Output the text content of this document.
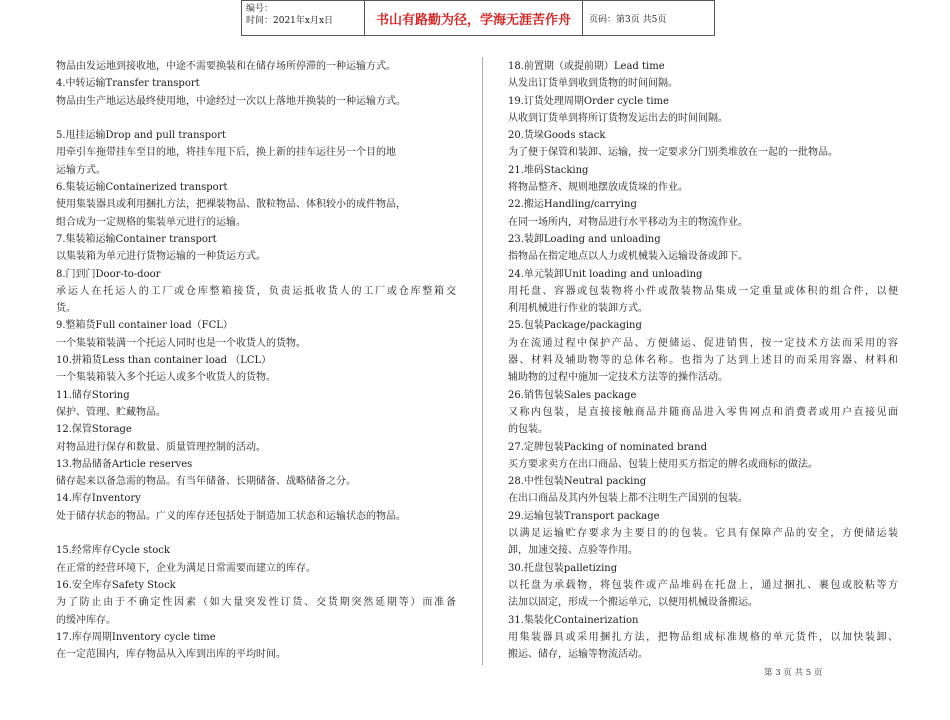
编号：
时间：2021年x月x日	书山有路勤为径，学海无涯苦作舟	页码：第3页 共5页
物品由发运地到接收地，中途不需要换装和在储存场所停滞的一种运输方式。
4.中转运输Transfer transport
物品由生产地运达最终使用地，中途经过一次以上落地并换装的一种运输方式。
5.甩挂运输Drop and pull transport
用牵引车拖带挂车至目的地，将挂车甩下后，换上新的挂车运往另一个目的地
运输方式。
6.集装运输Containerized transport
使用集装器具或利用捆扎方法，把裸装物品、散粒物品、体积较小的成件物品，
组合成为一定规格的集装单元进行的运输。
7.集装箱运输Container transport
以集装箱为单元进行货物运输的一种货运方式。
8.门到门Door-to-door
承运人在托运人的工厂或仓库整箱接货，负责运抵收货人的工厂或仓库整箱交
货。
9.整箱货Full container load（FCL）
一个集装箱装满一个托运人同时也是一个收货人的货物。
10.拼箱货Less than container load （LCL）
一个集装箱装入多个托运人或多个收货人的货物。
11.储存Storing
保护、管理、贮藏物品。
12.保管Storage
对物品进行保存和数量、质量管理控制的活动。
13.物品储备Article reserves
储存起来以备急需的物品。有当年储备、长期储备、战略储备之分。
14.库存Inventory
处于储存状态的物品。广义的库存还包括处于制造加工状态和运输状态的物品。
15.经常库存Cycle stock
在正常的经营环境下，企业为满足日常需要而建立的库存。
16.安全库存Safety Stock
为了防止由于不确定性因素（如大量突发性订货、交货期突然延期等）而准备
的缓冲库存。
17.库存周期Inventory cycle time
在一定范围内，库存物品从入库到出库的平均时间。
18.前置期（或提前期）Lead time
从发出订货单到收到货物的时间间隔。
19.订货处理周期Order cycle time
从收到订货单到将所订货物发运出去的时间间隔。
20.货垛Goods stack
为了便于保管和装卸、运输，按一定要求分门别类堆放在一起的一批物品。
21.堆码Stacking
将物品整齐、规则地摆放成货垛的作业。
22.搬运Handling/carrying
在同一场所内，对物品进行水平移动为主的物流作业。
23.装卸Loading and unloading
指物品在指定地点以人力或机械装入运输设备或卸下。
24.单元装卸Unit loading and unloading
用托盘、容器或包装物将小件或散装物品集成一定重量或体积的组合件，以便
利用机械进行作业的装卸方式。
25.包装Package/packaging
为在流通过程中保护产品、方便储运、促进销售，按一定技术方法而采用的容
器、材料及辅助物等的总体名称。也指为了达到上述目的而采用容器、材料和
辅助物的过程中施加一定技术方法等的操作活动。
26.销售包装Sales package
又称内包装，是直接接触商品并随商品进入零售网点和消费者或用户直接见面
的包装。
27.定牌包装Packing of nominated brand
买方要求卖方在出口商品、包装上使用买方指定的牌名或商标的做法。
28.中性包装Neutral packing
在出口商品及其内外包装上都不注明生产国别的包装。
29.运输包装Transport package
以满足运输贮存要求为主要目的的包装。它具有保障产品的安全，方便储运装
卸，加速交接、点验等作用。
30.托盘包装palletizing
以托盘为承载物，将包装件或产品堆码在托盘上，通过捆扎、裹包或胶粘等方
法加以固定，形成一个搬运单元，以便用机械设备搬运。
31.集装化Containerization
用集装器具或采用捆扎方法，把物品组成标准规格的单元货件，以加快装卸、
搬运、储存，运输等物流活动。
第 3 页 共 5 页
